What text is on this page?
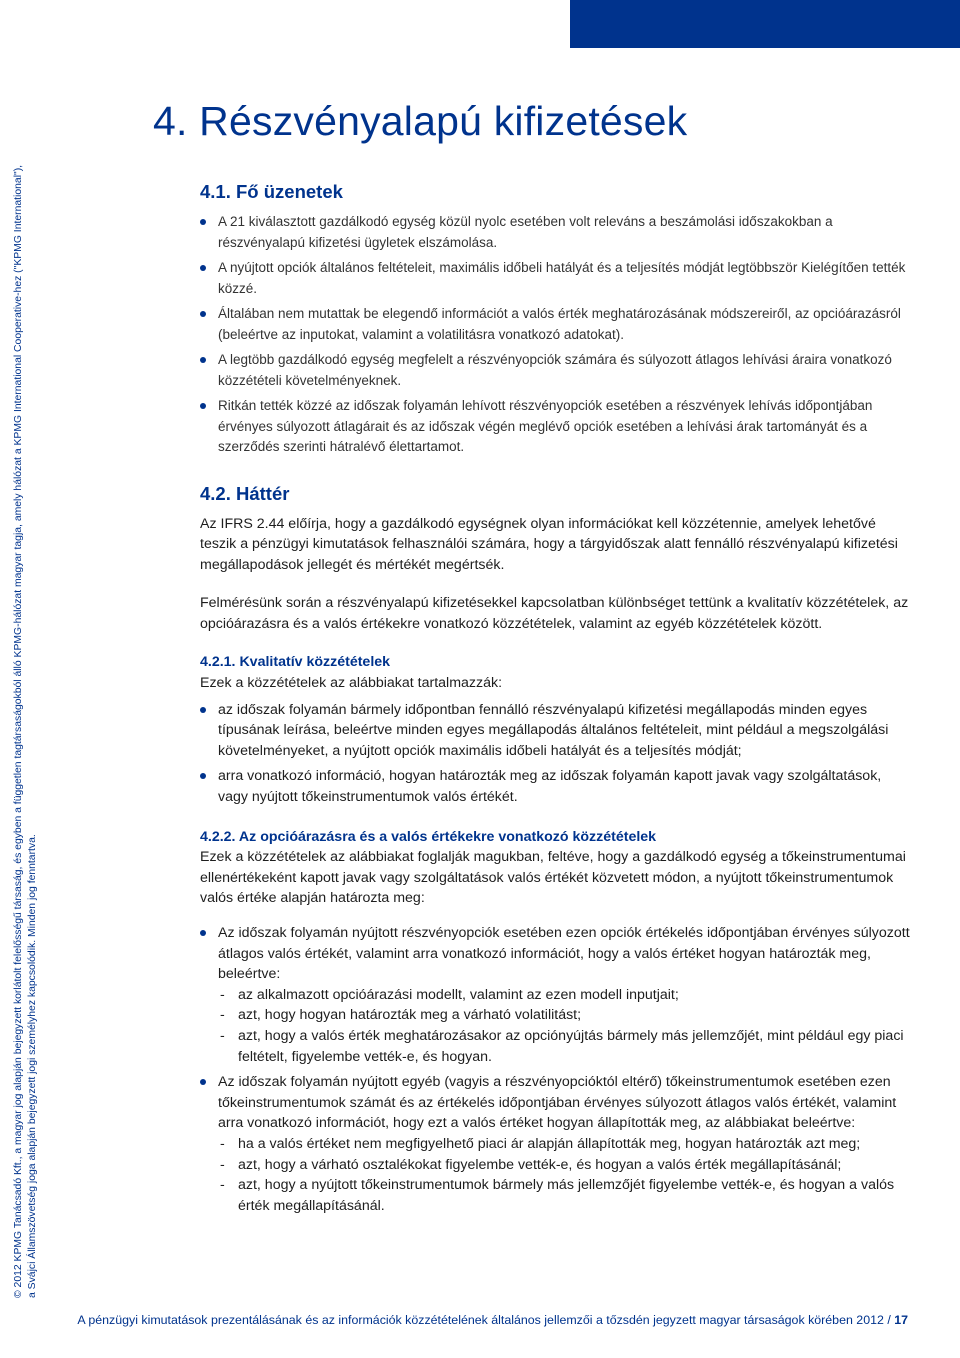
4. Részvényalapú kifizetések
© 2012 KPMG Tanácsadó Kft., a magyar jog alapján bejegyzett korlátolt felelősségű társaság, és egyben a független tagtársaságokból álló KPMG-hálózat magyar tagja, amely hálózat a KPMG International Cooperative-hez ("KPMG International"), a Svájci Államszövetség joga alapján bejegyzett jogi személyhez kapcsolódik. Minden jog fenntartva.
4.1. Fő üzenetek
A 21 kiválasztott gazdálkodó egység közül nyolc esetében volt releváns a beszámolási időszakokban a részvényalapú kifizetési ügyletek elszámolása.
A nyújtott opciók általános feltételeit, maximális időbeli hatályát és a teljesítés módját legtöbbször Kielégítően tették közzé.
Általában nem mutattak be elegendő információt a valós érték meghatározásának módszereiről, az opcióárazásról (beleértve az inputokat, valamint a volatilitásra vonatkozó adatokat).
A legtöbb gazdálkodó egység megfelelt a részvényopciók számára és súlyozott átlagos lehívási áraira vonatkozó közzétételi követelményeknek.
Ritkán tették közzé az időszak folyamán lehívott részvényopciók esetében a részvények lehívás időpontjában érvényes súlyozott átlagárait és az időszak végén meglévő opciók esetében a lehívási árak tartományát és a szerződés szerinti hátralévő élettartamot.
4.2. Háttér

Az IFRS 2.44 előírja, hogy a gazdálkodó egységnek olyan információkat kell közzétennie, amelyek lehetővé teszik a pénzügyi kimutatások felhasználói számára, hogy a tárgyidőszak alatt fennálló részvényalapú kifizetési megállapodások jellegét és mértékét megértsék.

Felmérésünk során a részvényalapú kifizetésekkel kapcsolatban különbséget tettünk a kvalitatív közzétételek, az opcióárazásra és a valós értékekre vonatkozó közzétételek, valamint az egyéb közzétételek között.

4.2.1. Kvalitatív közzétételek

Ezek a közzétételek az alábbiakat tartalmazzák:

az időszak folyamán bármely időpontban fennálló részvényalapú kifizetési megállapodás minden egyes típusának leírása, beleértve minden egyes megállapodás általános feltételeit, mint például a megszolgálási követelményeket, a nyújtott opciók maximális időbeli hatályát és a teljesítés módját;
arra vonatkozó információ, hogyan határozták meg az időszak folyamán kapott javak vagy szolgáltatások, vagy nyújtott tőkeinstrumentumok valós értékét.
4.2.2. Az opcióárazásra és a valós értékekre vonatkozó közzétételek

Ezek a közzétételek az alábbiakat foglalják magukban, feltéve, hogy a gazdálkodó egység a tőkeinstrumentumai ellenértékeként kapott javak vagy szolgáltatások valós értékét közvetett módon, a nyújtott tőkeinstrumentumok valós értéke alapján határozta meg:

Az időszak folyamán nyújtott részvényopciók esetében ezen opciók értékelés időpontjában érvényes súlyozott átlagos valós értékét, valamint arra vonatkozó információt, hogy a valós értéket hogyan határozták meg, beleértve:
- az alkalmazott opcióárazási modellt, valamint az ezen modell inputjait;
- azt, hogy hogyan határozták meg a várható volatilitást;
- azt, hogy a valós érték meghatározásakor az opciónyújtás bármely más jellemzőjét, mint például egy piaci feltételt, figyelembe vették-e, és hogyan.
Az időszak folyamán nyújtott egyéb (vagyis a részvényopcióktól eltérő) tőkeinstrumentumok esetében ezen tőkeinstrumentumok számát és az értékelés időpontjában érvényes súlyozott átlagos valós értékét, valamint arra vonatkozó információt, hogy ezt a valós értéket hogyan állapították meg, az alábbiakat beleértve:
- ha a valós értéket nem megfigyelhető piaci ár alapján állapították meg, hogyan határozták azt meg;
- azt, hogy a várható osztalékokat figyelembe vették-e, és hogyan a valós érték megállapításánál;
- azt, hogy a nyújtott tőkeinstrumentumok bármely más jellemzőjét figyelembe vették-e, és hogyan a valós érték megállapításánál.
A pénzügyi kimutatások prezentálásának és az információk közzétételének általános jellemzői a tőzsdén jegyzett magyar társaságok körében 2012 / 17
